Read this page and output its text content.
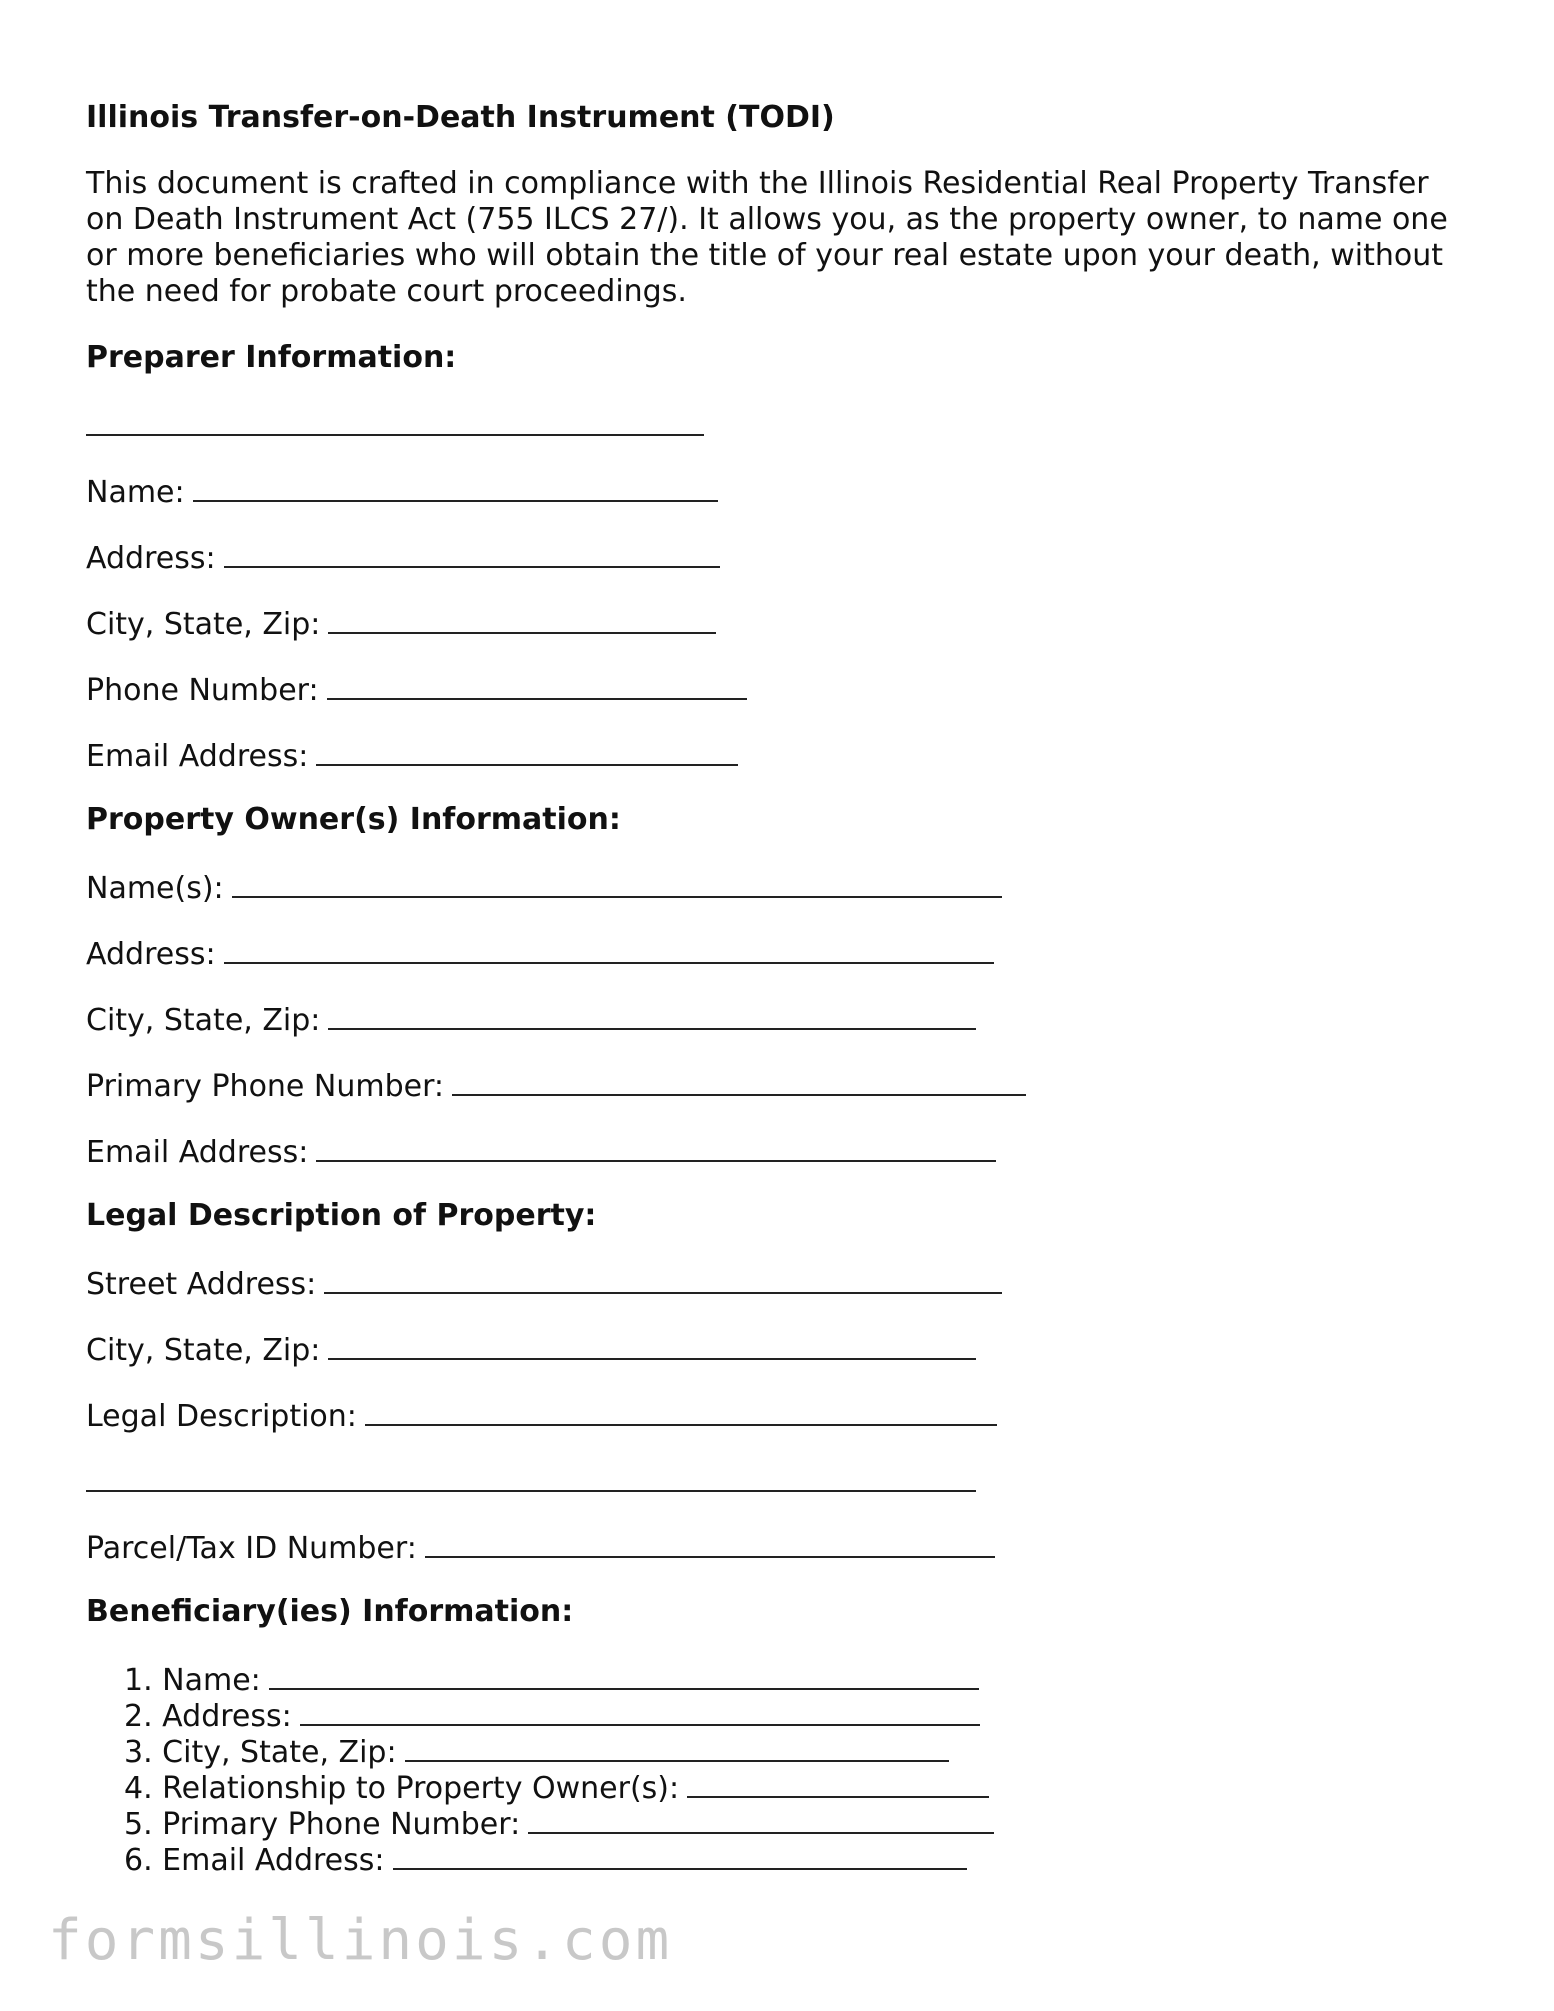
Illinois Transfer-on-Death Instrument (TODI)
This document is crafted in compliance with the Illinois Residential Real Property Transfer
on Death Instrument Act (755 ILCS 27/). It allows you, as the property owner, to name one
or more beneficiaries who will obtain the title of your real estate upon your death, without
the need for probate court proceedings.
Preparer Information:
Name:
Address:
City, State, Zip:
Phone Number:
Email Address:
Property Owner(s) Information:
Name(s):
Address:
City, State, Zip:
Primary Phone Number:
Email Address:
Legal Description of Property:
Street Address:
City, State, Zip:
Legal Description:
Parcel/Tax ID Number:
Beneficiary(ies) Information:
1. Name:
2. Address:
3. City, State, Zip:
4. Relationship to Property Owner(s):
5. Primary Phone Number:
6. Email Address:
formsillinois.com
